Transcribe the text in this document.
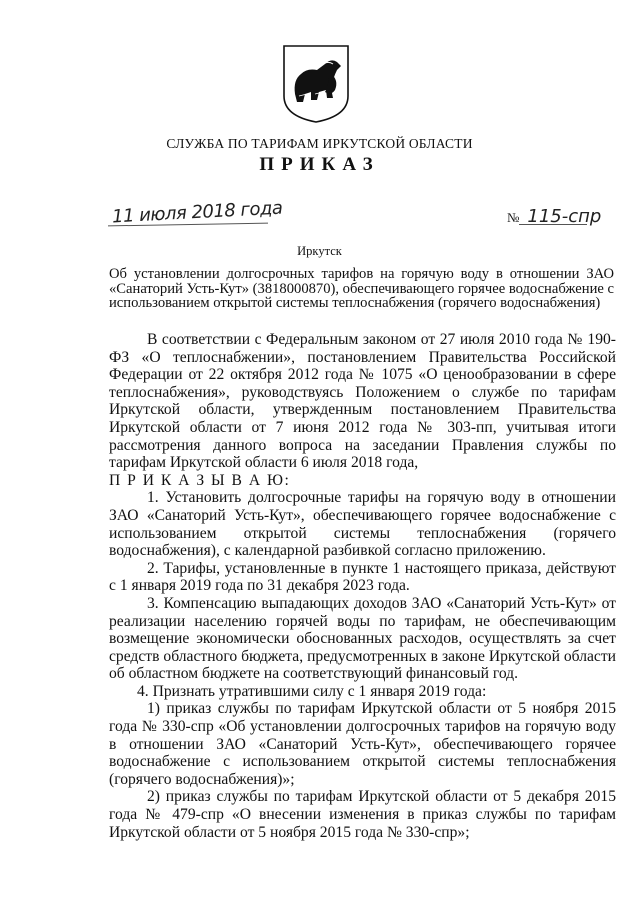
СЛУЖБА ПО ТАРИФАМ ИРКУТСКОЙ ОБЛАСТИ
ПРИКАЗ
11 июля 2018 года	№ 115-спр
Иркутск
Об установлении долгосрочных тарифов на горячую воду в отношении ЗАО «Санаторий Усть-Кут» (3818000870), обеспечивающего горячее водоснабжение с использованием открытой системы теплоснабжения (горячего водоснабжения)

В соответствии с Федеральным законом от 27 июля 2010 года № 190-ФЗ «О теплоснабжении», постановлением Правительства Российской Федерации от 22 октября 2012 года № 1075 «О ценообразовании в сфере теплоснабжения», руководствуясь Положением о службе по тарифам Иркутской области, утвержденным постановлением Правительства Иркутской области от 7 июня 2012 года № 303-пп, учитывая итоги рассмотрения данного вопроса на заседании Правления службы по тарифам Иркутской области 6 июля 2018 года,

П Р И К А З Ы В А Ю:

1. Установить долгосрочные тарифы на горячую воду в отношении ЗАО «Санаторий Усть-Кут», обеспечивающего горячее водоснабжение с использованием открытой системы теплоснабжения (горячего водоснабжения), с календарной разбивкой согласно приложению.

2. Тарифы, установленные в пункте 1 настоящего приказа, действуют с 1 января 2019 года по 31 декабря 2023 года.

3. Компенсацию выпадающих доходов ЗАО «Санаторий Усть-Кут» от реализации населению горячей воды по тарифам, не обеспечивающим возмещение экономически обоснованных расходов, осуществлять за счет средств областного бюджета, предусмотренных в законе Иркутской области об областном бюджете на соответствующий финансовый год.

4. Признать утратившими силу с 1 января 2019 года:

1) приказ службы по тарифам Иркутской области от 5 ноября 2015 года № 330-спр «Об установлении долгосрочных тарифов на горячую воду в отношении ЗАО «Санаторий Усть-Кут», обеспечивающего горячее водоснабжение с использованием открытой системы теплоснабжения (горячего водоснабжения)»;

2) приказ службы по тарифам Иркутской области от 5 декабря 2015 года № 479-спр «О внесении изменения в приказ службы по тарифам Иркутской области от 5 ноября 2015 года № 330-спр»;
